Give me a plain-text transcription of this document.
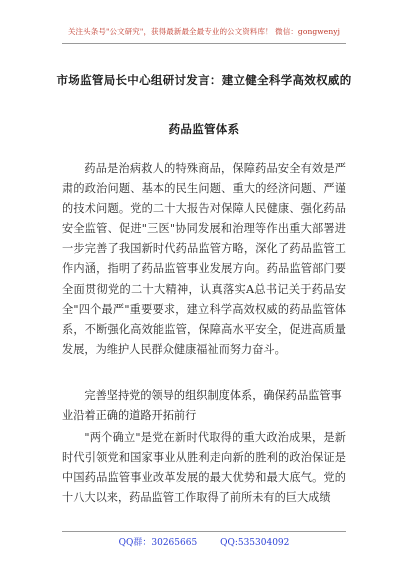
关注头条号"公文研究"，获得最新最全最专业的公文资料库！ 微信：gongwenyj
市场监管局长中心组研讨发言：建立健全科学高效权威的
药品监管体系

药品是治病救人的特殊商品，保障药品安全有效是严肃的政治问题、基本的民生问题、重大的经济问题、严谨的技术问题。党的二十大报告对保障人民健康、强化药品安全监管、促进"三医"协同发展和治理等作出重大部署进一步完善了我国新时代药品监管方略，深化了药品监管工作内涵，指明了药品监管事业发展方向。药品监管部门要全面贯彻党的二十大精神，认真落实A总书记关于药品安全"四个最严"重要要求，建立科学高效权威的药品监管体系，不断强化高效能监管，保障高水平安全，促进高质量发展，为维护人民群众健康福祉而努力奋斗。

完善坚持党的领导的组织制度体系，确保药品监管事业沿着正确的道路开拓前行

"两个确立"是党在新时代取得的重大政治成果，是新时代引领党和国家事业从胜利走向新的胜利的政治保证是中国药品监管事业改革发展的最大优势和最大底气。党的十八大以来，药品监管工作取得了前所未有的巨大成绩

QQ群：30265665	QQ:535304092
